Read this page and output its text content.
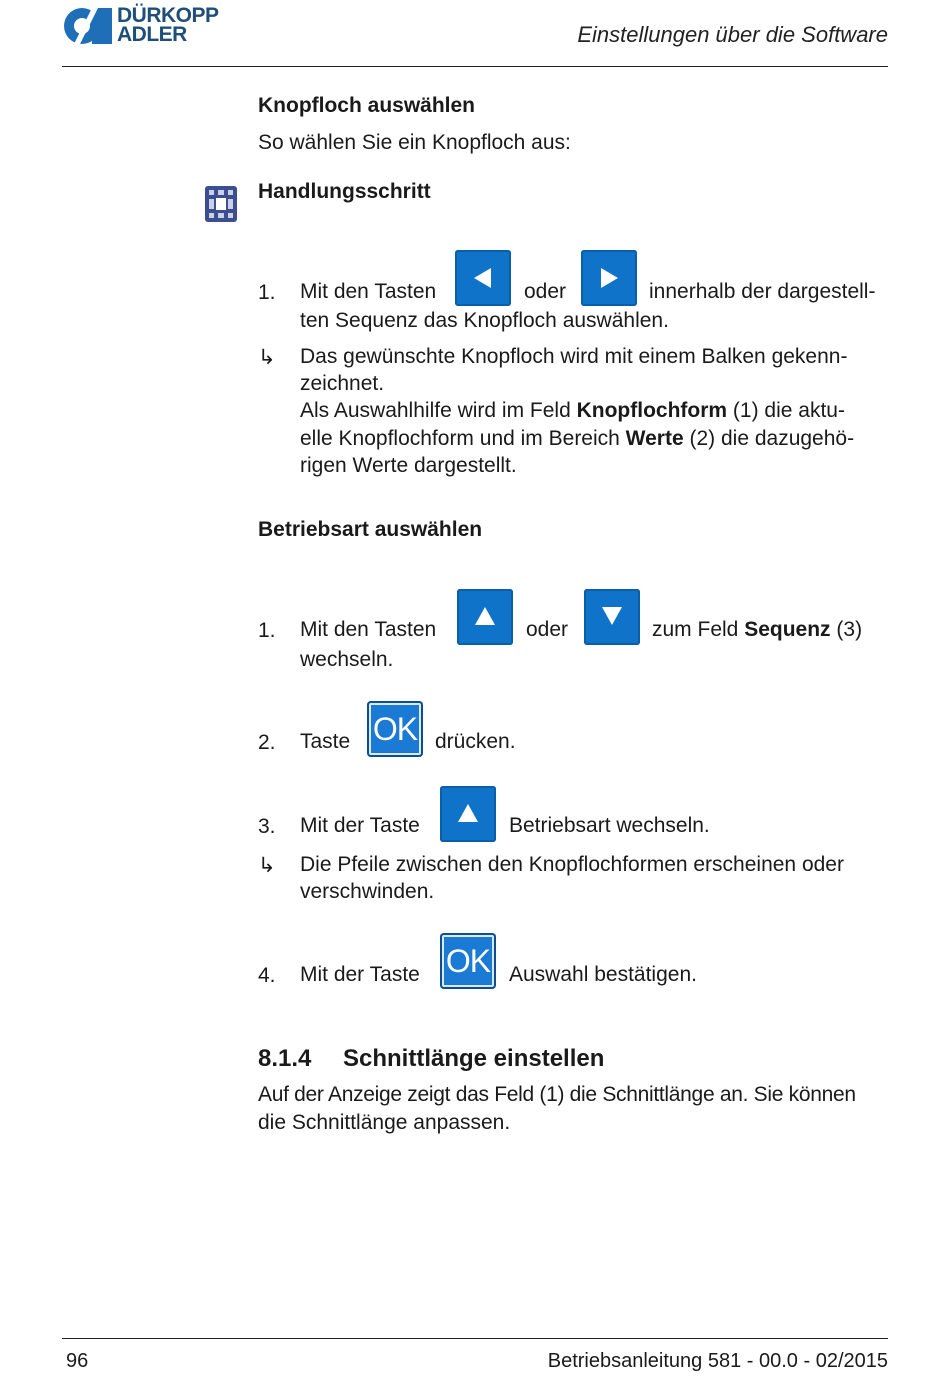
DÜRKOPP
ADLER	Einstellungen über die Software
Knopfloch auswählen
So wählen Sie ein Knopfloch aus:
Handlungsschritt
1. Mit den Tasten	oder	innerhalb der dargestell-
ten Sequenz das Knopfloch auswählen.
↳ Das gewünschte Knopfloch wird mit einem Balken gekenn-
zeichnet.
Als Auswahlhilfe wird im Feld Knopflochform (1) die aktu-
elle Knopflochform und im Bereich Werte (2) die dazugehö-
rigen Werte dargestellt.
Betriebsart auswählen
1. Mit den Tasten	oder	zum Feld Sequenz (3)
wechseln.
2. Taste OK drücken.
3. Mit der Taste	Betriebsart wechseln.
↳ Die Pfeile zwischen den Knopflochformen erscheinen oder
verschwinden.
4. Mit der Taste OK Auswahl bestätigen.
8.1.4 Schnittlänge einstellen
Auf der Anzeige zeigt das Feld (1) die Schnittlänge an. Sie können
die Schnittlänge anpassen.
96	Betriebsanleitung 581 - 00.0 - 02/2015
